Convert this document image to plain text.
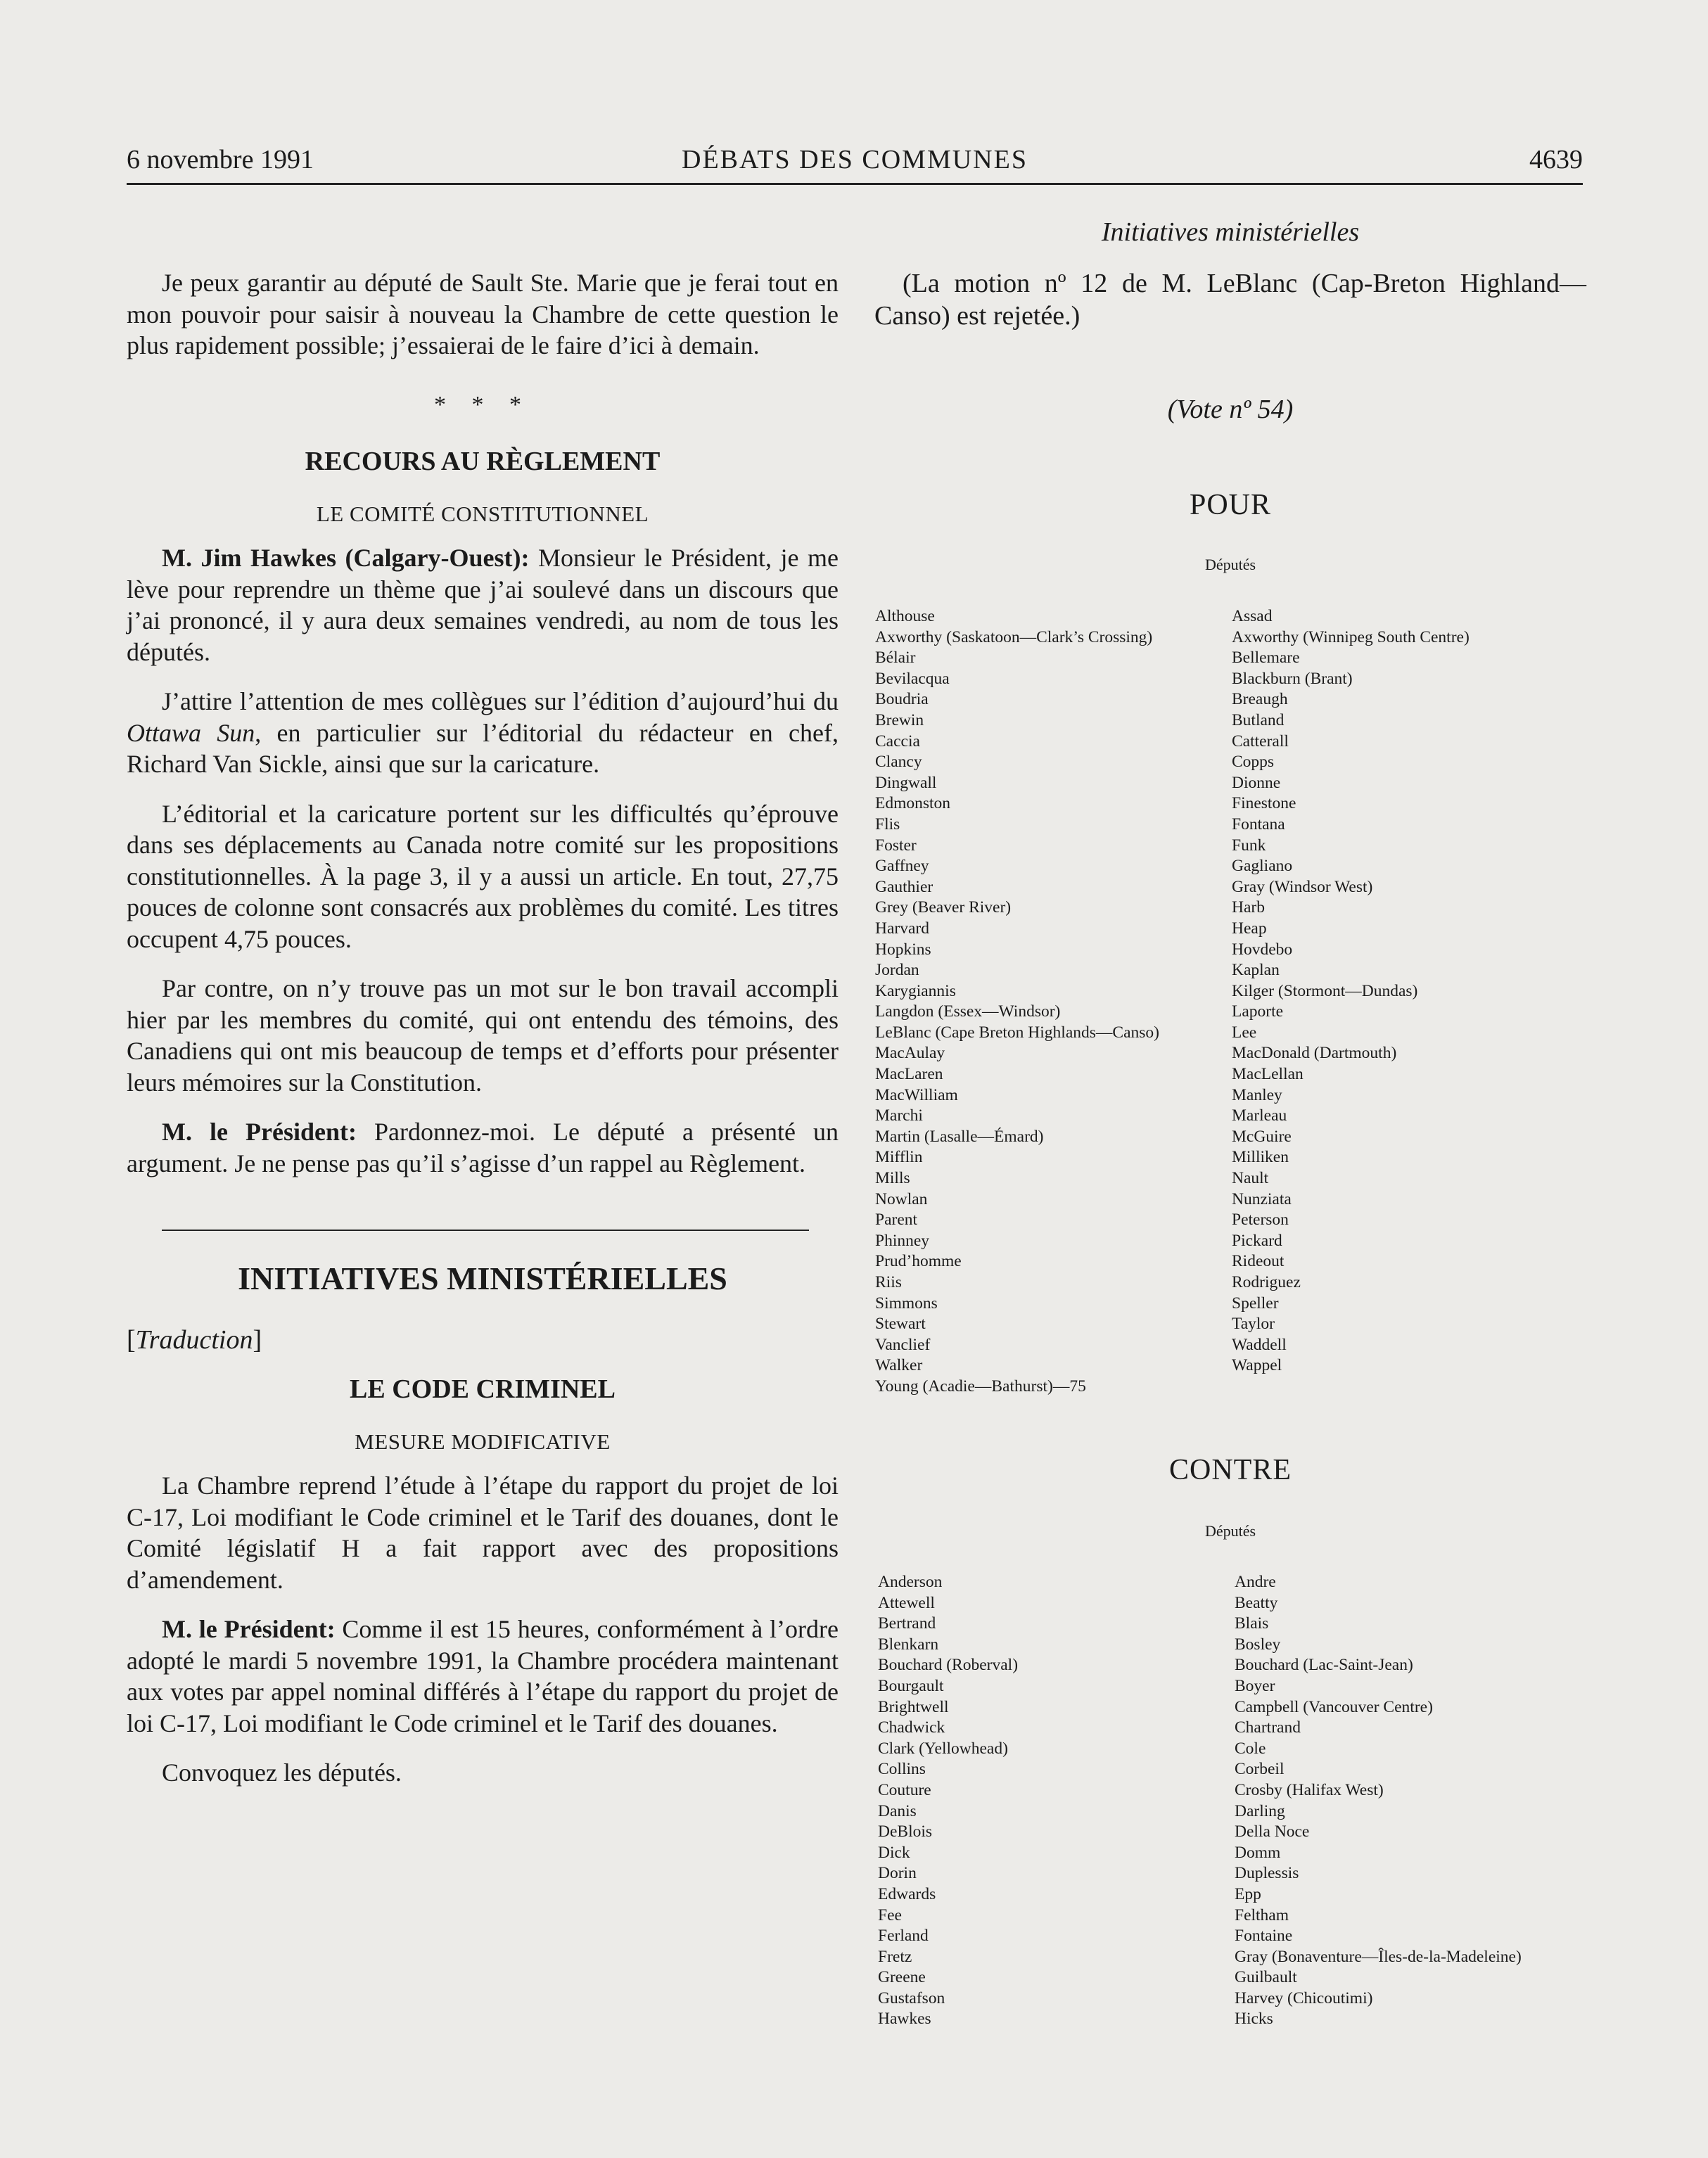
6 novembre 1991	DÉBATS DES COMMUNES	4639

Je peux garantir au député de Sault Ste. Marie que je ferai tout en mon pouvoir pour saisir à nouveau la Chambre de cette question le plus rapidement possible; j’essaierai de le faire d’ici à demain.

* * *
RECOURS AU RÈGLEMENT
LE COMITÉ CONSTITUTIONNEL

M. Jim Hawkes (Calgary-Ouest): Monsieur le Président, je me lève pour reprendre un thème que j’ai soulevé dans un discours que j’ai prononcé, il y aura deux semaines vendredi, au nom de tous les députés.

J’attire l’attention de mes collègues sur l’édition d’aujourd’hui du Ottawa Sun, en particulier sur l’éditorial du rédacteur en chef, Richard Van Sickle, ainsi que sur la caricature.

L’éditorial et la caricature portent sur les difficultés qu’éprouve dans ses déplacements au Canada notre comité sur les propositions constitutionnelles. À la page 3, il y a aussi un article. En tout, 27,75 pouces de colonne sont consacrés aux problèmes du comité. Les titres occupent 4,75 pouces.

Par contre, on n’y trouve pas un mot sur le bon travail accompli hier par les membres du comité, qui ont entendu des témoins, des Canadiens qui ont mis beaucoup de temps et d’efforts pour présenter leurs mémoires sur la Constitution.

M. le Président: Pardonnez-moi. Le député a présenté un argument. Je ne pense pas qu’il s’agisse d’un rappel au Règlement.

INITIATIVES MINISTÉRIELLES
[Traduction]
LE CODE CRIMINEL
MESURE MODIFICATIVE

La Chambre reprend l’étude à l’étape du rapport du projet de loi C-17, Loi modifiant le Code criminel et le Tarif des douanes, dont le Comité législatif H a fait rapport avec des propositions d’amendement.

M. le Président: Comme il est 15 heures, conformément à l’ordre adopté le mardi 5 novembre 1991, la Chambre procédera maintenant aux votes par appel nominal différés à l’étape du rapport du projet de loi C-17, Loi modifiant le Code criminel et le Tarif des douanes.

Convoquez les députés.

Initiatives ministérielles

(La motion nº 12 de M. LeBlanc (Cap-Breton Highland—Canso) est rejetée.)

(Vote nº 54)
POUR
Députés
Althouse
Axworthy (Saskatoon—Clark’s Crossing)
Bélair
Bevilacqua
Boudria
Brewin
Caccia
Clancy
Dingwall
Edmonston
Flis
Foster
Gaffney
Gauthier
Grey (Beaver River)
Harvard
Hopkins
Jordan
Karygiannis
Langdon (Essex—Windsor)
LeBlanc (Cape Breton Highlands—Canso)
MacAulay
MacLaren
MacWilliam
Marchi
Martin (Lasalle—Émard)
Mifflin
Mills
Nowlan
Parent
Phinney
Prud’homme
Riis
Simmons
Stewart
Vanclief
Walker
Young (Acadie—Bathurst)—75
Assad
Axworthy (Winnipeg South Centre)
Bellemare
Blackburn (Brant)
Breaugh
Butland
Catterall
Copps
Dionne
Finestone
Fontana
Funk
Gagliano
Gray (Windsor West)
Harb
Heap
Hovdebo
Kaplan
Kilger (Stormont—Dundas)
Laporte
Lee
MacDonald (Dartmouth)
MacLellan
Manley
Marleau
McGuire
Milliken
Nault
Nunziata
Peterson
Pickard
Rideout
Rodriguez
Speller
Taylor
Waddell
Wappel
CONTRE
Députés
Anderson
Attewell
Bertrand
Blenkarn
Bouchard (Roberval)
Bourgault
Brightwell
Chadwick
Clark (Yellowhead)
Collins
Couture
Danis
DeBlois
Dick
Dorin
Edwards
Fee
Ferland
Fretz
Greene
Gustafson
Hawkes
Andre
Beatty
Blais
Bosley
Bouchard (Lac-Saint-Jean)
Boyer
Campbell (Vancouver Centre)
Chartrand
Cole
Corbeil
Crosby (Halifax West)
Darling
Della Noce
Domm
Duplessis
Epp
Feltham
Fontaine
Gray (Bonaventure—Îles-de-la-Madeleine)
Guilbault
Harvey (Chicoutimi)
Hicks
